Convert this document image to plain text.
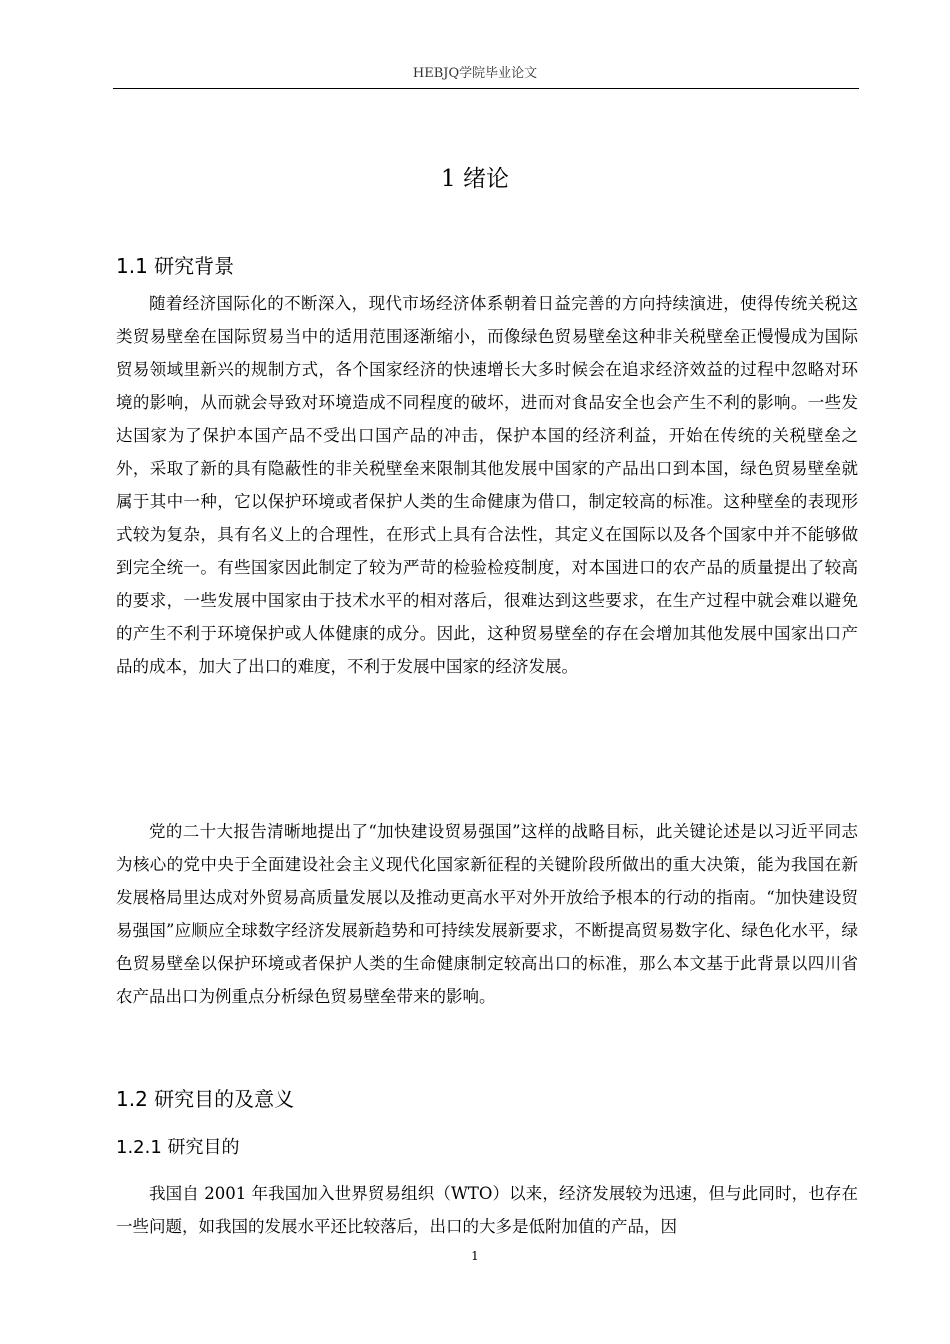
HEBJQ学院毕业论文
1 绪论
1.1 研究背景

随着经济国际化的不断深入，现代市场经济体系朝着日益完善的方向持续演进，使得传统关税这类贸易壁垒在国际贸易当中的适用范围逐渐缩小，而像绿色贸易壁垒这种非关税壁垒正慢慢成为国际贸易领域里新兴的规制方式，各个国家经济的快速增长大多时候会在追求经济效益的过程中忽略对环境的影响，从而就会导致对环境造成不同程度的破坏，进而对食品安全也会产生不利的影响。一些发达国家为了保护本国产品不受出口国产品的冲击，保护本国的经济利益，开始在传统的关税壁垒之外，采取了新的具有隐蔽性的非关税壁垒来限制其他发展中国家的产品出口到本国，绿色贸易壁垒就属于其中一种，它以保护环境或者保护人类的生命健康为借口，制定较高的标准。这种壁垒的表现形式较为复杂，具有名义上的合理性，在形式上具有合法性，其定义在国际以及各个国家中并不能够做到完全统一。有些国家因此制定了较为严苛的检验检疫制度，对本国进口的农产品的质量提出了较高的要求，一些发展中国家由于技术水平的相对落后，很难达到这些要求，在生产过程中就会难以避免的产生不利于环境保护或人体健康的成分。因此，这种贸易壁垒的存在会增加其他发展中国家出口产品的成本，加大了出口的难度，不利于发展中国家的经济发展。

党的二十大报告清晰地提出了“加快建设贸易强国”这样的战略目标，此关键论述是以习近平同志为核心的党中央于全面建设社会主义现代化国家新征程的关键阶段所做出的重大决策，能为我国在新发展格局里达成对外贸易高质量发展以及推动更高水平对外开放给予根本的行动的指南。“加快建设贸易强国”应顺应全球数字经济发展新趋势和可持续发展新要求，不断提高贸易数字化、绿色化水平，绿色贸易壁垒以保护环境或者保护人类的生命健康制定较高出口的标准，那么本文基于此背景以四川省农产品出口为例重点分析绿色贸易壁垒带来的影响。

1.2 研究目的及意义
1.2.1 研究目的

我国自 2001 年我国加入世界贸易组织（WTO）以来，经济发展较为迅速，但与此同时，也存在一些问题，如我国的发展水平还比较落后，出口的大多是低附加值的产品，因

1
